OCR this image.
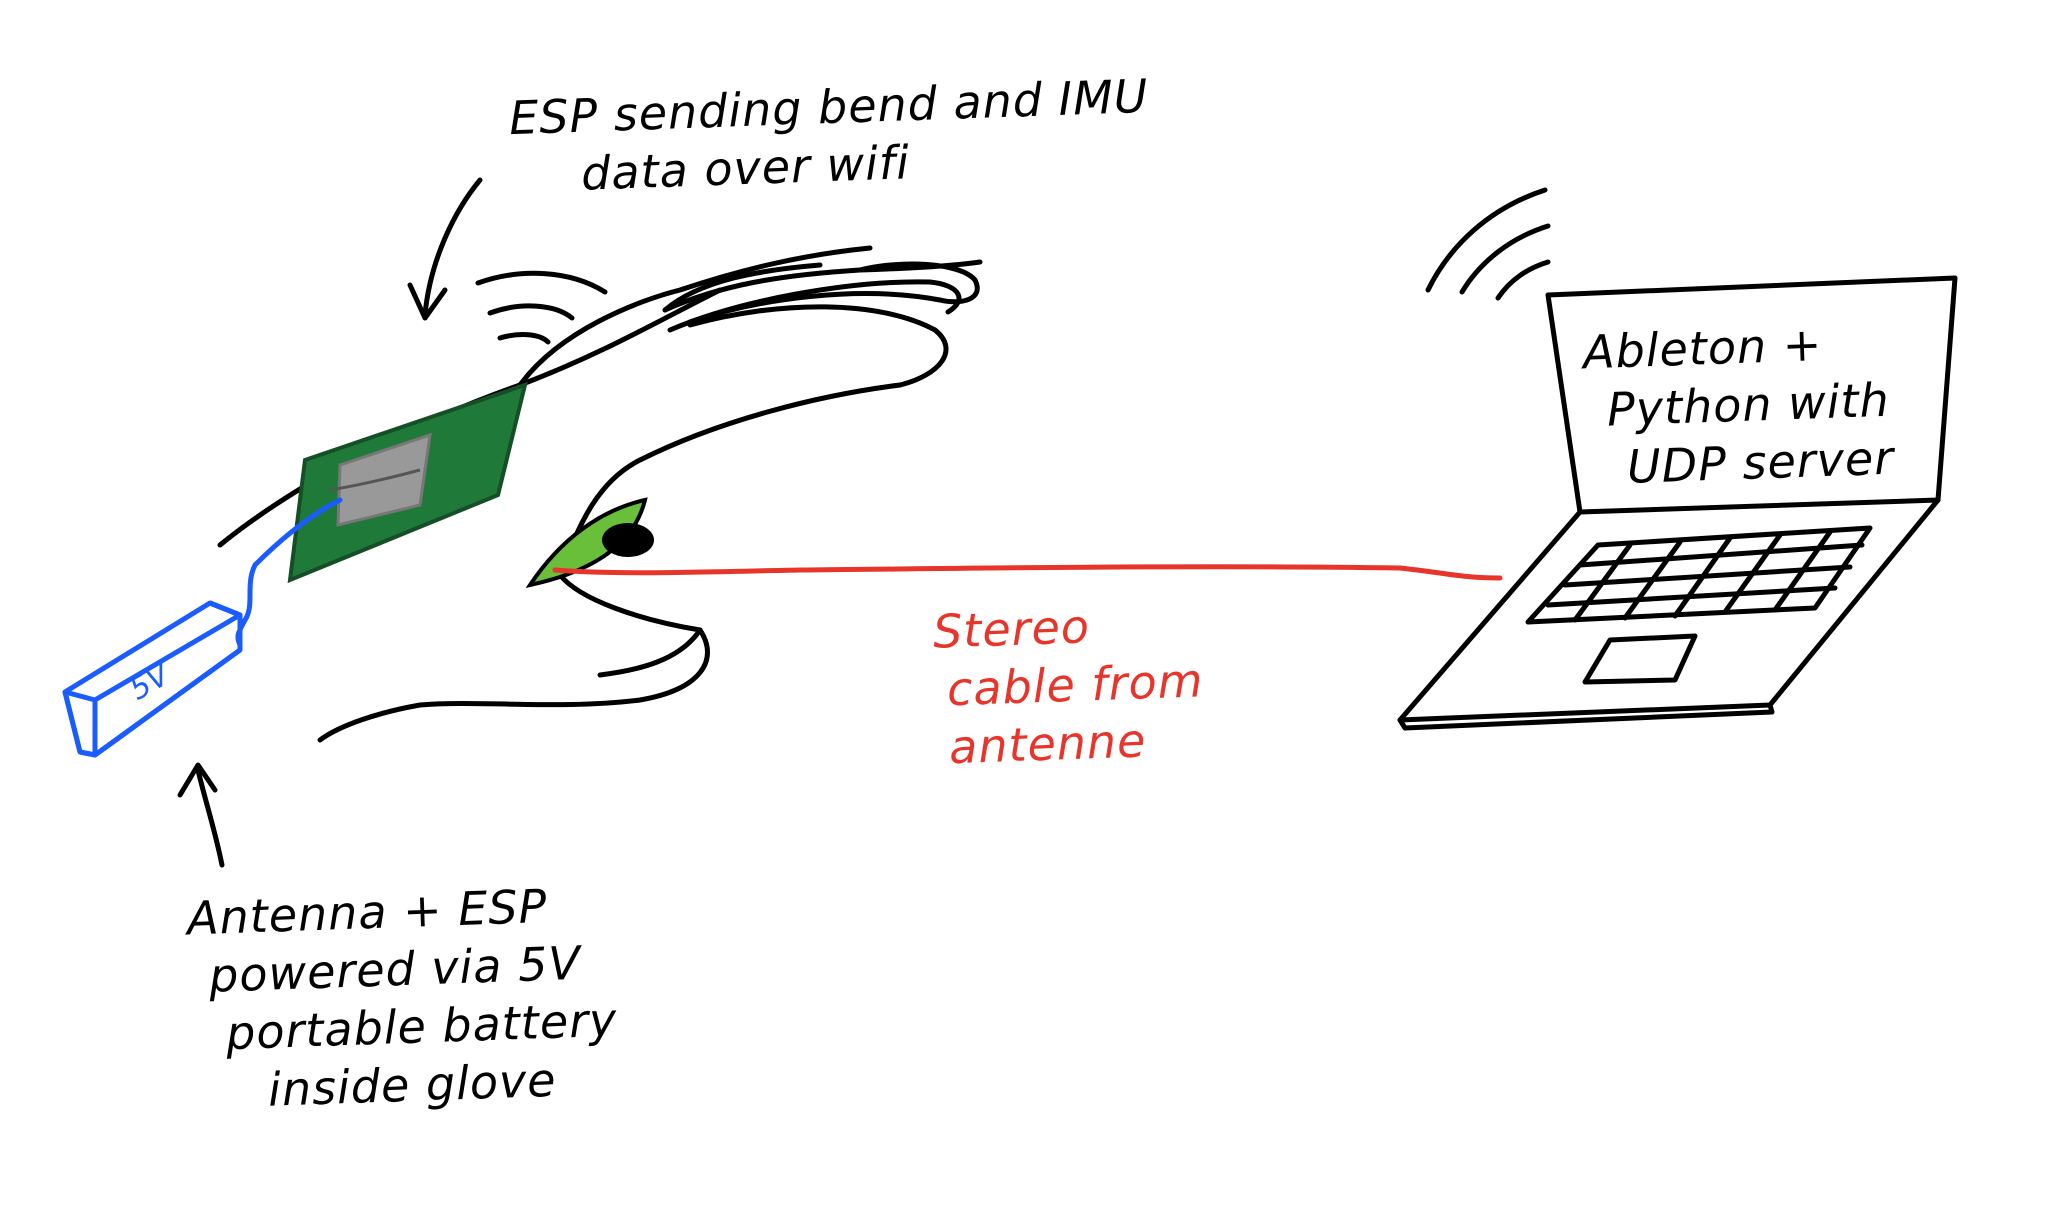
ESP sending bend and IMU
data over wifi
Ableton +
Python with
UDP server
Stereo
cable from
antenne
5V
Antenna + ESP
powered via 5V
portable battery
inside glove
